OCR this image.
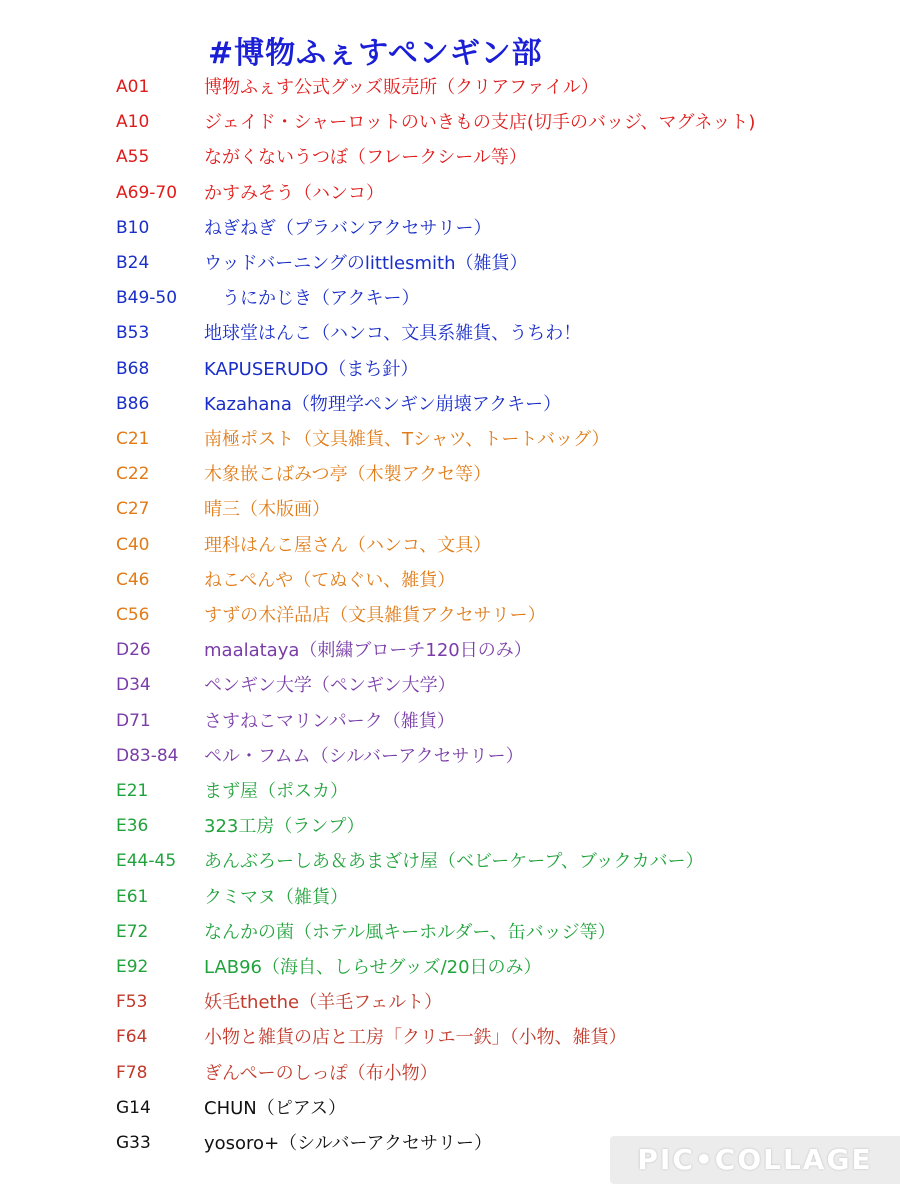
#博物ふぇすペンギン部
A01	博物ふぇす公式グッズ販売所（クリアファイル）
A10	ジェイド・シャーロットのいきもの支店(切手のバッジ、マグネット)
A55	ながくないうつぼ（フレークシール等）
A69-70	かすみそう（ハンコ）
B10	ねぎねぎ（プラバンアクセサリー）
B24	ウッドバーニングのlittlesmith（雑貨）
B49-50	　うにかじき（アクキー）
B53	地球堂はんこ（ハンコ、文具系雑貨、うちわ！
B68	KAPUSERUDO（まち針）
B86	Kazahana（物理学ペンギン崩壊アクキー）
C21	南極ポスト（文具雑貨、Tシャツ、トートバッグ）
C22	木象嵌こばみつ亭（木製アクセ等）
C27	晴三（木版画）
C40	理科はんこ屋さん（ハンコ、文具）
C46	ねこぺんや（てぬぐい、雑貨）
C56	すずの木洋品店（文具雑貨アクセサリー）
D26	maalataya（刺繍ブローチ120日のみ）
D34	ペンギン大学（ペンギン大学）
D71	さすねこマリンパーク（雑貨）
D83-84	ペル・フムム（シルバーアクセサリー）
E21	まず屋（ポスカ）
E36	323工房（ランプ）
E44-45	あんぶろーしあ＆あまざけ屋（ベビーケープ、ブックカバー）
E61	クミマヌ（雑貨）
E72	なんかの菌（ホテル風キーホルダー、缶バッジ等）
E92	LAB96（海自、しらせグッズ/20日のみ）
F53	妖毛thethe（羊毛フェルト）
F64	小物と雑貨の店と工房「クリエ一鉄」（小物、雑貨）
F78	ぎんぺーのしっぽ（布小物）
G14	CHUN（ピアス）
G33	yosoro+（シルバーアクセサリー）	PIC•COLLAGE
